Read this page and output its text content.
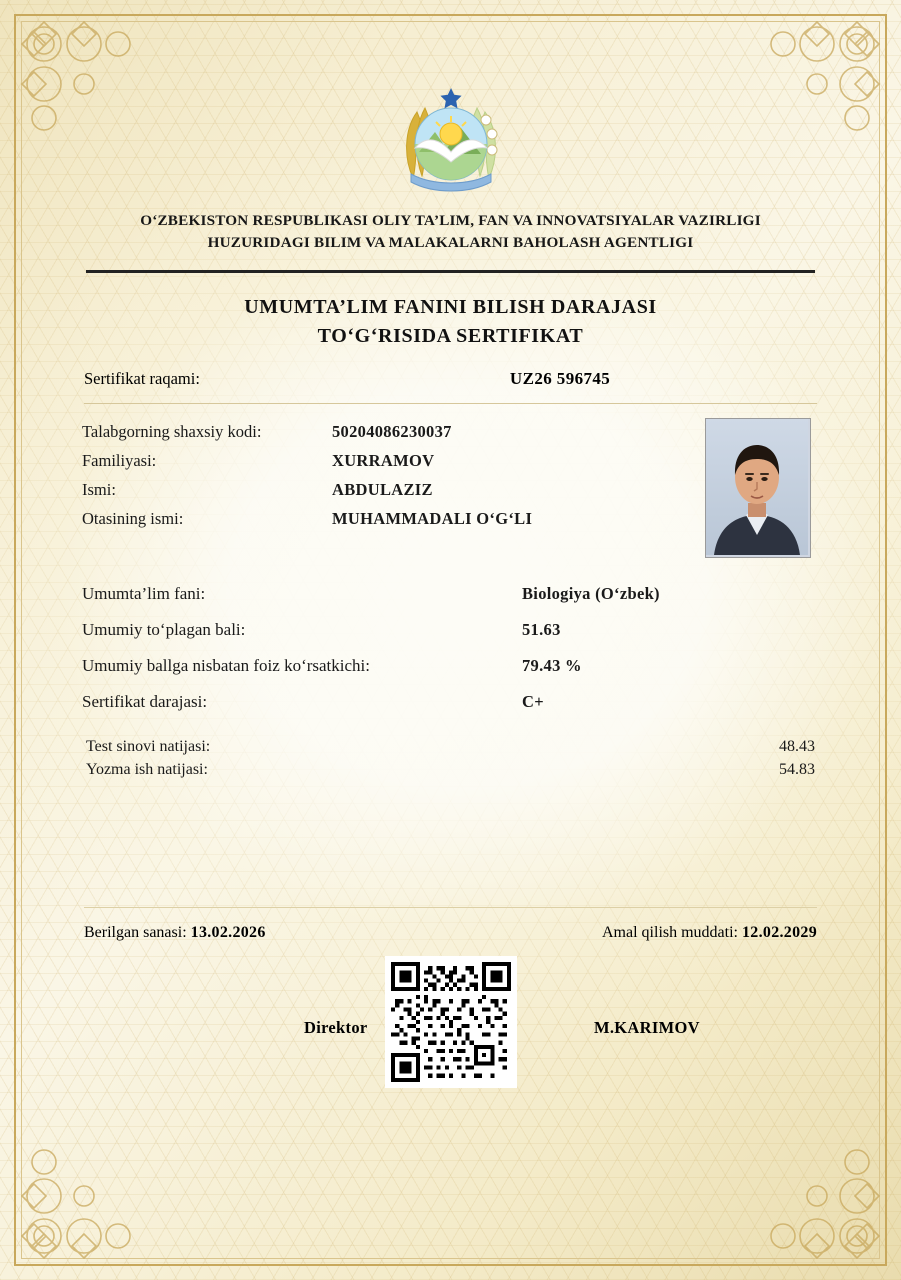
O‘ZBEKISTON RESPUBLIKASI OLIY TA’LIM, FAN VA INNOVATSIYALAR VAZIRLIGI
HUZURIDAGI BILIM VA MALAKALARNI BAHOLASH AGENTLIGI
UMUMTA’LIM FANINI BILISH DARAJASI
TO‘G‘RISIDA SERTIFIKAT
Sertifikat raqami:	UZ26 596745
Talabgorning shaxsiy kodi:	50204086230037
Familiyasi:	XURRAMOV
Ismi:	ABDULAZIZ
Otasining ismi:	MUHAMMADALI O‘G‘LI
Umumta’lim fani:	Biologiya (O‘zbek)
Umumiy to‘plagan bali:	51.63
Umumiy ballga nisbatan foiz ko‘rsatkichi:	79.43 %
Sertifikat darajasi:	C+
Test sinovi natijasi:	48.43
Yozma ish natijasi:	54.83
Berilgan sanasi: 13.02.2026	Amal qilish muddati: 12.02.2029
Direktor	M.KARIMOV
